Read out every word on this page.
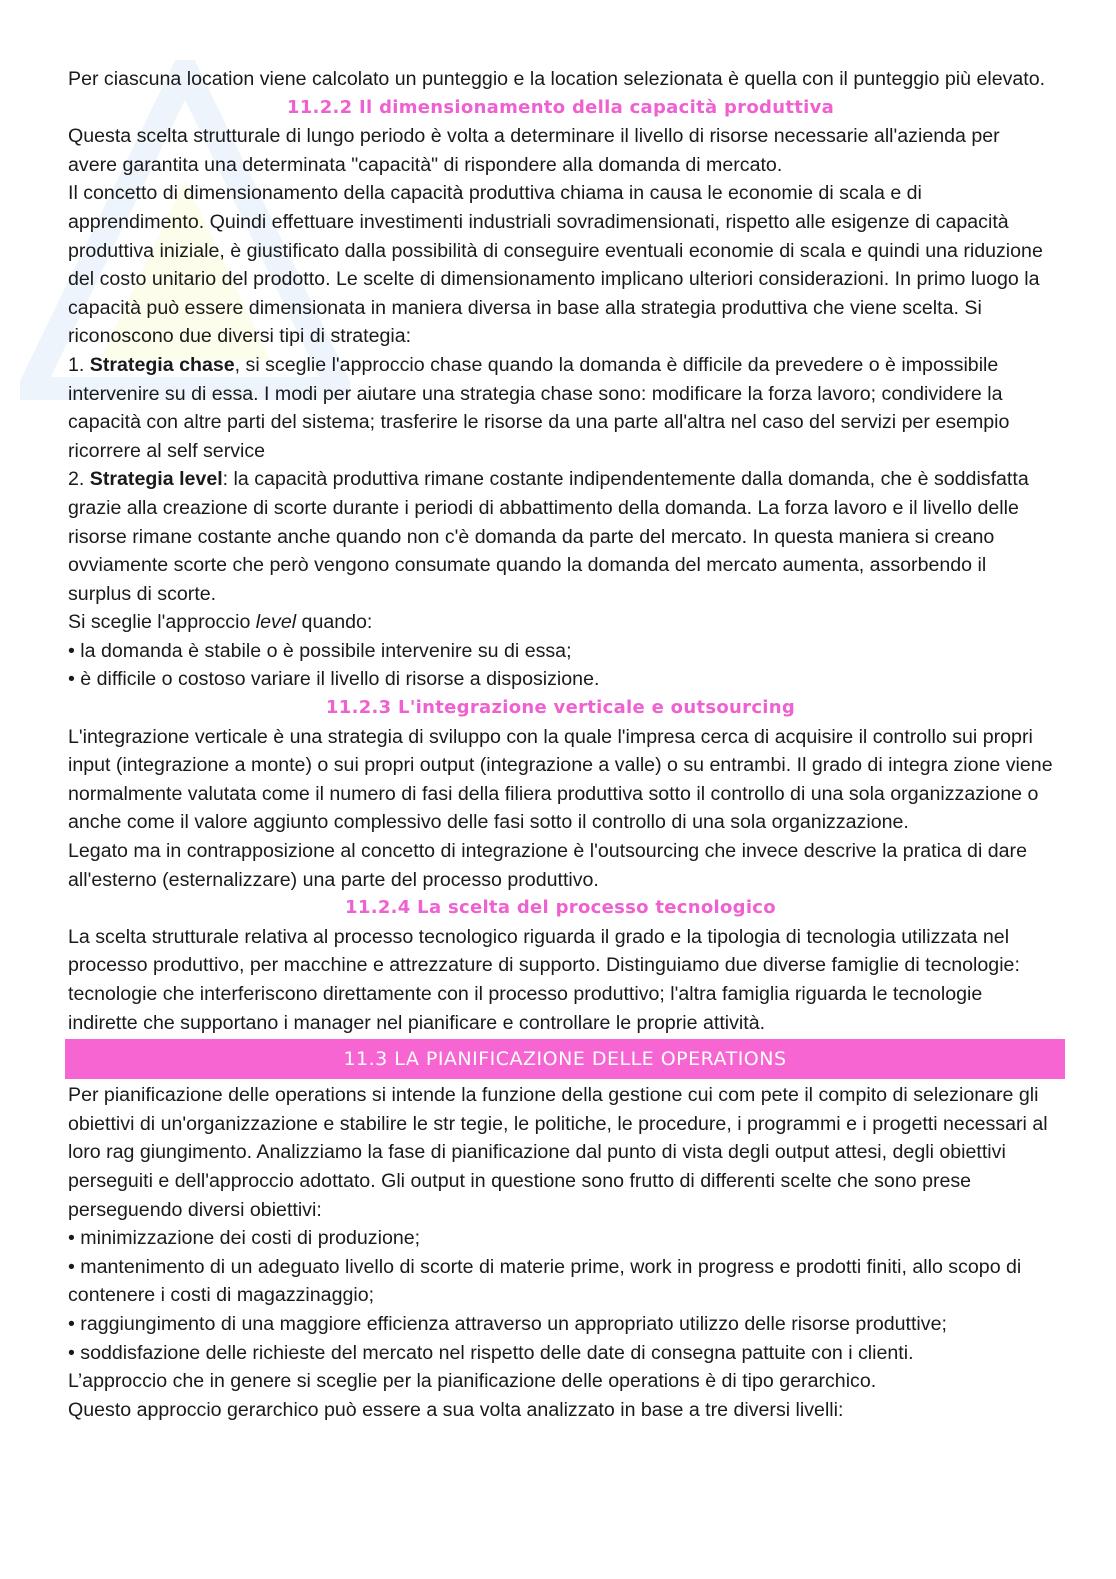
Per ciascuna location viene calcolato un punteggio e la location selezionata è quella con il punteggio più elevato.

11.2.2 Il dimensionamento della capacità produttiva

Questa scelta strutturale di lungo periodo è volta a determinare il livello di risorse necessarie all'azienda per avere garantita una determinata "capacità" di rispondere alla domanda di mercato.

Il concetto di dimensionamento della capacità produttiva chiama in causa le economie di scala e di apprendimento. Quindi effettuare investimenti industriali sovradimensionati, rispetto alle esigenze di capacità produttiva iniziale, è giustificato dalla possibilità di conseguire eventuali economie di scala e quindi una riduzione del costo unitario del prodotto. Le scelte di dimensionamento implicano ulteriori considerazioni. In primo luogo la capacità può essere dimensionata in maniera diversa in base alla strategia produttiva che viene scelta. Si riconoscono due diversi tipi di strategia:

1. Strategia chase, si sceglie l'approccio chase quando la domanda è difficile da prevedere o è impossibile intervenire su di essa. I modi per aiutare una strategia chase sono: modificare la forza lavoro; condividere la capacità con altre parti del sistema; trasferire le risorse da una parte all'altra nel caso del servizi per esempio ricorrere al self service

2. Strategia level: la capacità produttiva rimane costante indipendentemente dalla domanda, che è soddisfatta grazie alla creazione di scorte durante i periodi di abbattimento della domanda. La forza lavoro e il livello delle risorse rimane costante anche quando non c'è domanda da parte del mercato. In questa maniera si creano ovviamente scorte che però vengono consumate quando la domanda del mercato aumenta, assorbendo il surplus di scorte.

Si sceglie l'approccio level quando:

• la domanda è stabile o è possibile intervenire su di essa;

• è difficile o costoso variare il livello di risorse a disposizione.

11.2.3 L'integrazione verticale e outsourcing

L'integrazione verticale è una strategia di sviluppo con la quale l'impresa cerca di acquisire il controllo sui propri input (integrazione a monte) o sui propri output (integrazione a valle) o su entrambi. Il grado di integra zione viene normalmente valutata come il numero di fasi della filiera produttiva sotto il controllo di una sola organizzazione o anche come il valore aggiunto complessivo delle fasi sotto il controllo di una sola organizzazione.

Legato ma in contrapposizione al concetto di integrazione è l'outsourcing che invece descrive la pratica di dare all'esterno (esternalizzare) una parte del processo produttivo.

11.2.4 La scelta del processo tecnologico

La scelta strutturale relativa al processo tecnologico riguarda il grado e la tipologia di tecnologia utilizzata nel processo produttivo, per macchine e attrezzature di supporto. Distinguiamo due diverse famiglie di tecnologie: tecnologie che interferiscono direttamente con il processo produttivo; l'altra famiglia riguarda le tecnologie indirette che supportano i manager nel pianificare e controllare le proprie attività.

11.3 LA PIANIFICAZIONE DELLE OPERATIONS

Per pianificazione delle operations si intende la funzione della gestione cui com pete il compito di selezionare gli obiettivi di un'organizzazione e stabilire le str tegie, le politiche, le procedure, i programmi e i progetti necessari al loro rag giungimento. Analizziamo la fase di pianificazione dal punto di vista degli output attesi, degli obiettivi perseguiti e dell'approccio adottato. Gli output in questione sono frutto di differenti scelte che sono prese perseguendo diversi obiettivi:

• minimizzazione dei costi di produzione;

• mantenimento di un adeguato livello di scorte di materie prime, work in progress e prodotti finiti, allo scopo di contenere i costi di magazzinaggio;

• raggiungimento di una maggiore efficienza attraverso un appropriato utilizzo delle risorse produttive;

• soddisfazione delle richieste del mercato nel rispetto delle date di consegna pattuite con i clienti.

L’approccio che in genere si sceglie per la pianificazione delle operations è di tipo gerarchico.

Questo approccio gerarchico può essere a sua volta analizzato in base a tre diversi livelli:
